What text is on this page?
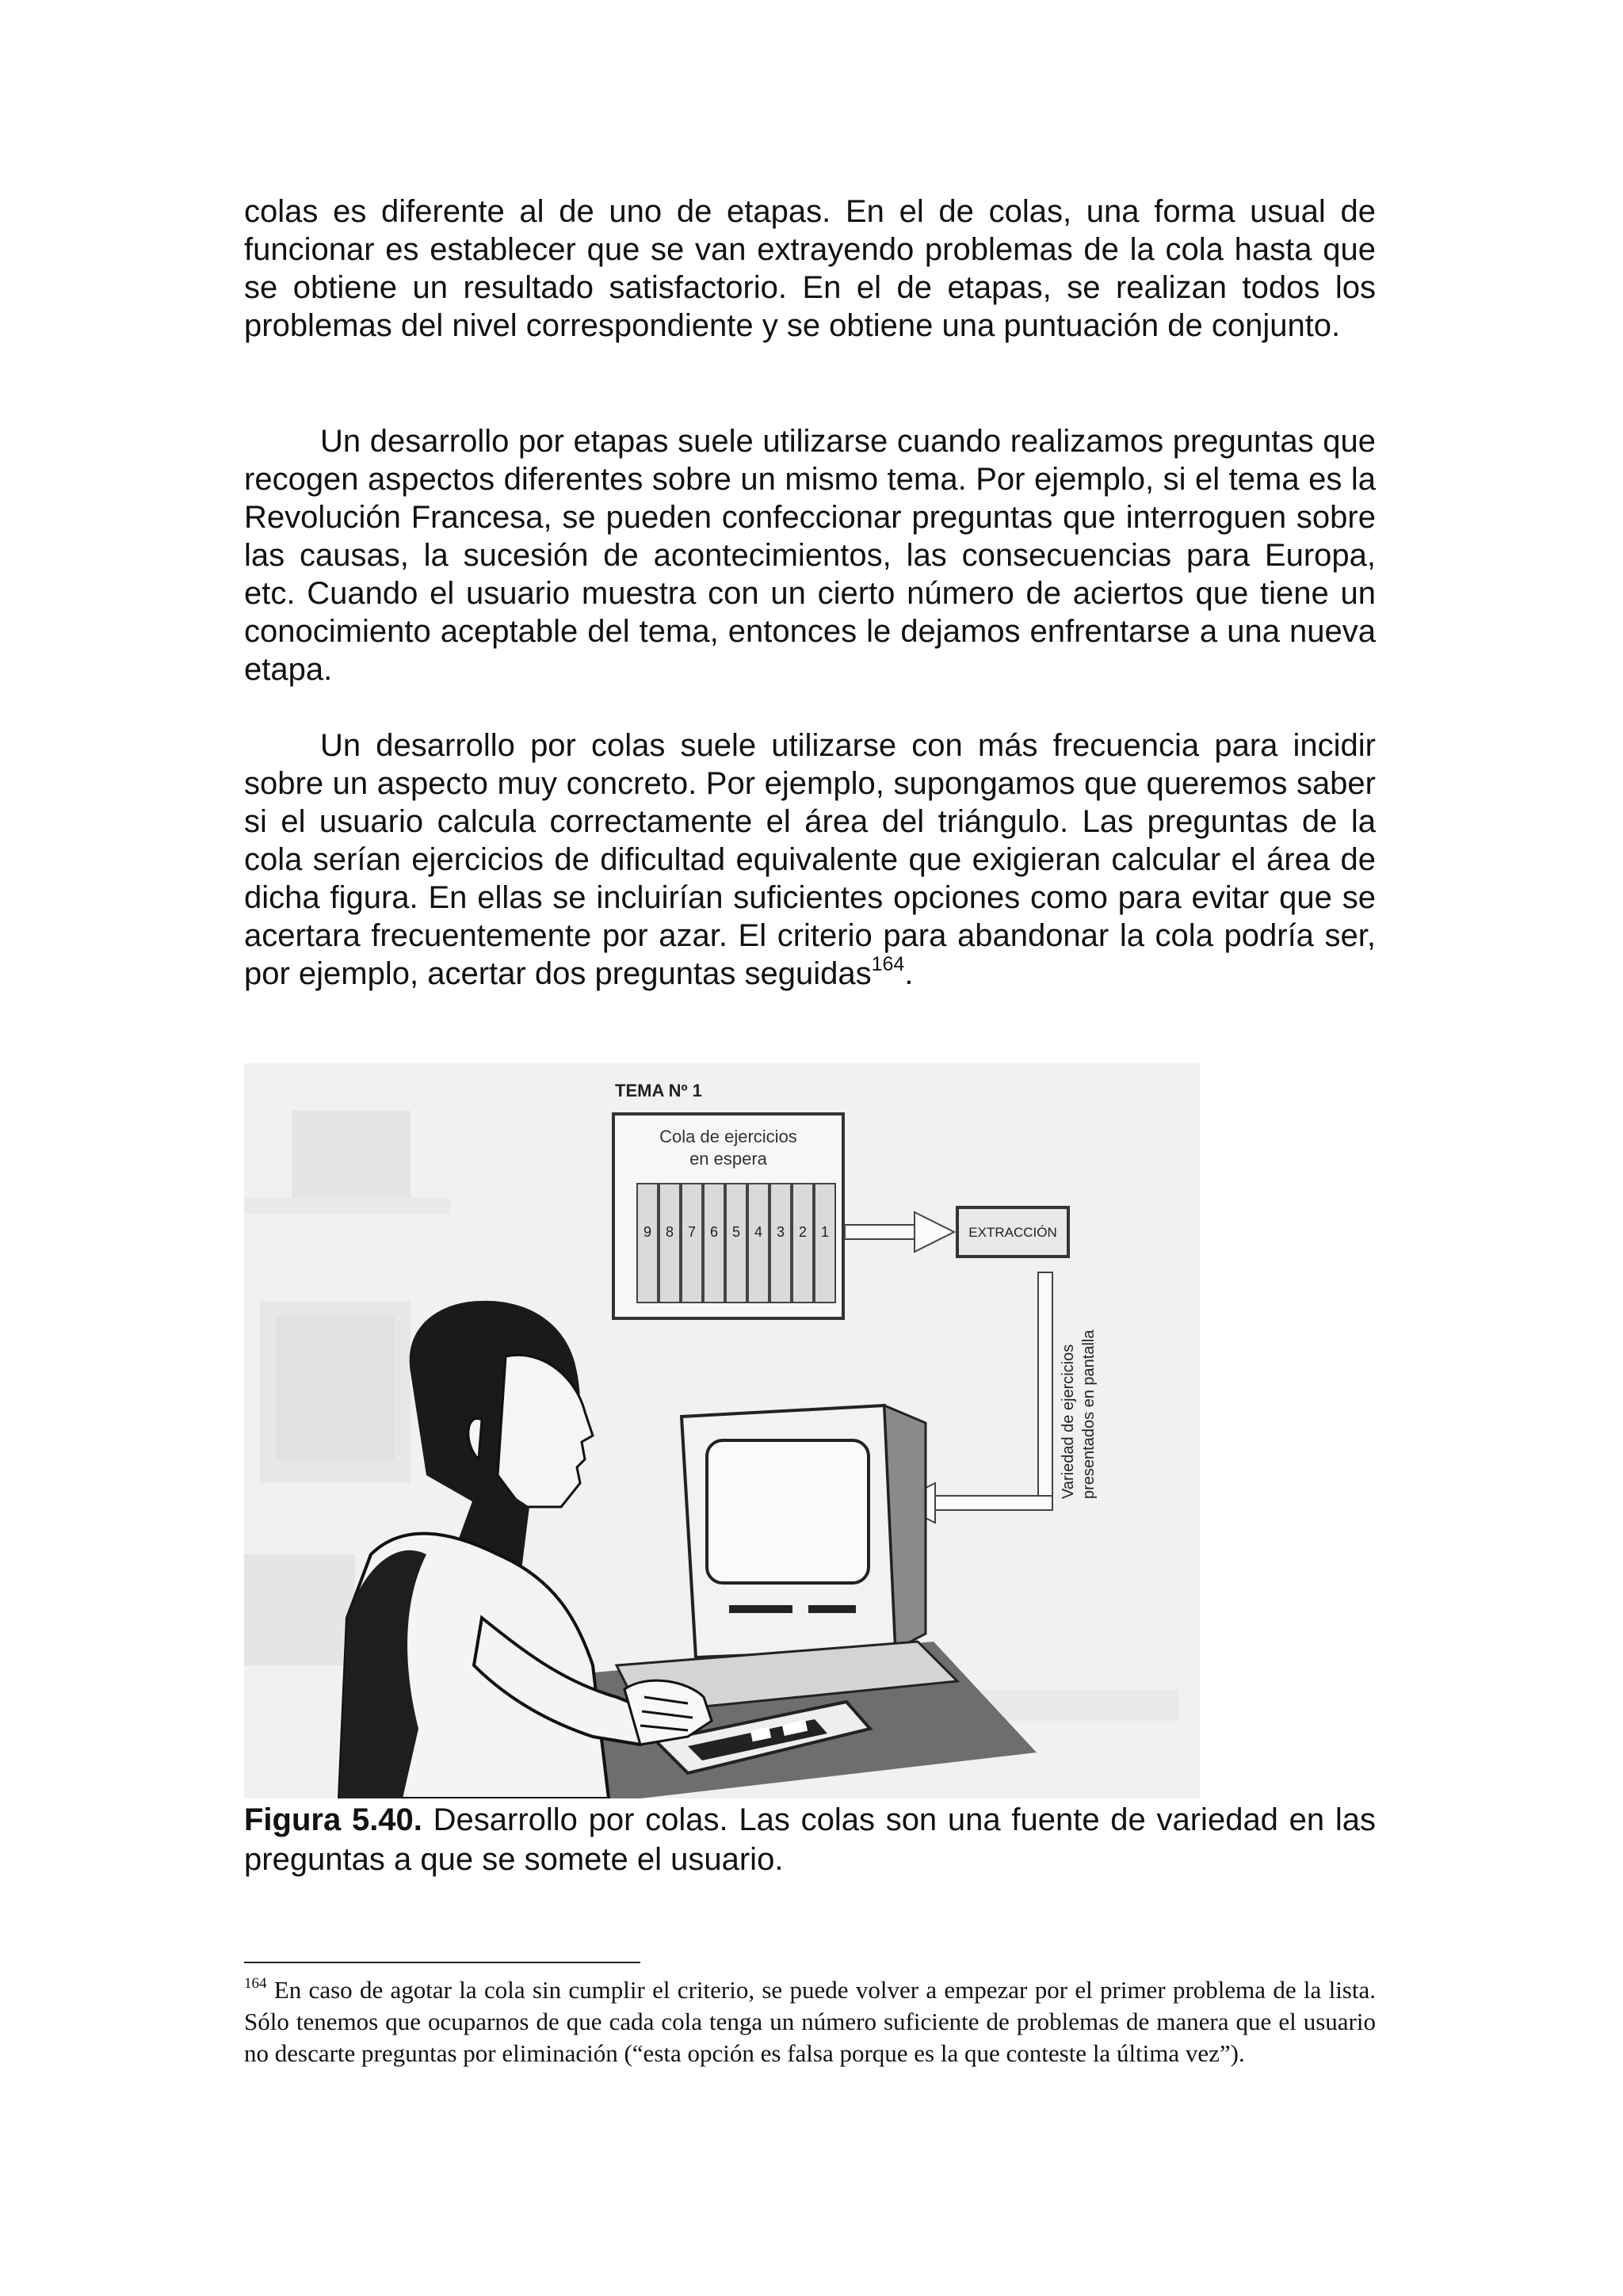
colas es diferente al de uno de etapas. En el de colas, una forma usual de funcionar es establecer que se van extrayendo problemas de la cola hasta que se obtiene un resultado satisfactorio. En el de etapas, se realizan todos los problemas del nivel correspondiente y se obtiene una puntuación de conjunto.

Un desarrollo por etapas suele utilizarse cuando realizamos preguntas que recogen aspectos diferentes sobre un mismo tema. Por ejemplo, si el tema es la Revolución Francesa, se pueden confeccionar preguntas que interroguen sobre las causas, la sucesión de acontecimientos, las consecuencias para Europa, etc. Cuando el usuario muestra con un cierto número de aciertos que tiene un conocimiento aceptable del tema, entonces le dejamos enfrentarse a una nueva etapa.

Un desarrollo por colas suele utilizarse con más frecuencia para incidir sobre un aspecto muy concreto. Por ejemplo, supongamos que queremos saber si el usuario calcula correctamente el área del triángulo. Las preguntas de la cola serían ejercicios de dificultad equivalente que exigieran calcular el área de dicha figura. En ellas se incluirían suficientes opciones como para evitar que se acertara frecuentemente por azar. El criterio para abandonar la cola podría ser, por ejemplo, acertar dos preguntas seguidas$^{164}$.

TEMA Nº 1
Cola de ejercicios
en espera
9 8 7 6 5 4 3 2 1	EXTRACCIÓN
Variedad de ejercicios presentados en pantalla
Figura 5.40. Desarrollo por colas. Las colas son una fuente de variedad en las preguntas a que se somete el usuario.
$^{164}$ En caso de agotar la cola sin cumplir el criterio, se puede volver a empezar por el primer problema de la lista. Sólo tenemos que ocuparnos de que cada cola tenga un número suficiente de problemas de manera que el usuario no descarte preguntas por eliminación (“esta opción es falsa porque es la que conteste la última vez”).
